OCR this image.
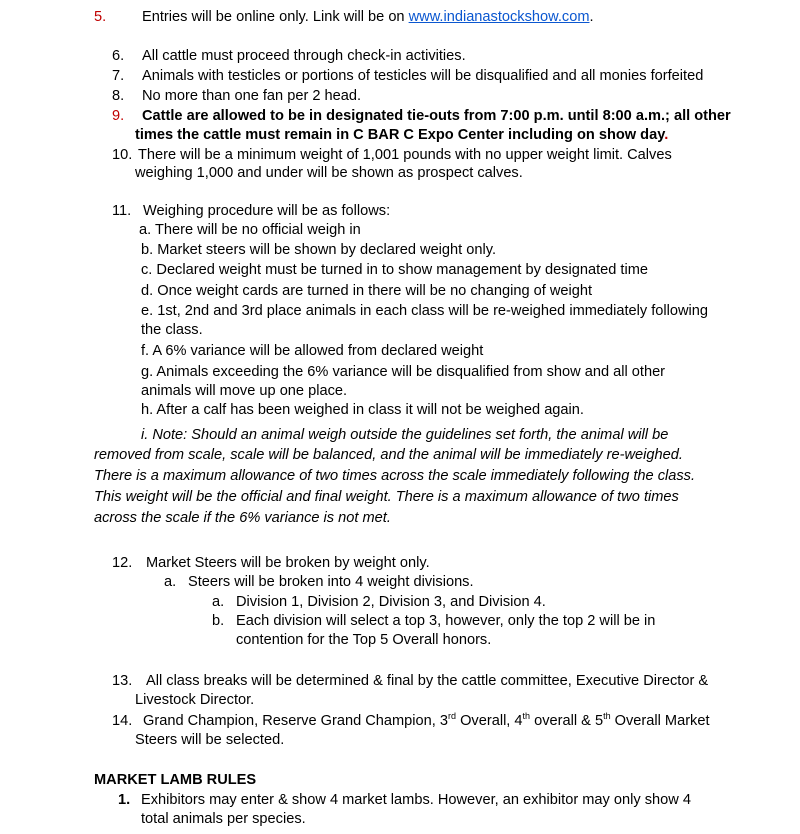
5. Entries will be online only. Link will be on www.indianastockshow.com.
6. All cattle must proceed through check-in activities.
7. Animals with testicles or portions of testicles will be disqualified and all monies forfeited
8. No more than one fan per 2 head.
9. Cattle are allowed to be in designated tie-outs from 7:00 p.m. until 8:00 a.m.; all other
times the cattle must remain in C BAR C Expo Center including on show day.
10. There will be a minimum weight of 1,001 pounds with no upper weight limit. Calves
weighing 1,000 and under will be shown as prospect calves.
11. Weighing procedure will be as follows:
a. There will be no official weigh in
b. Market steers will be shown by declared weight only.
c. Declared weight must be turned in to show management by designated time
d. Once weight cards are turned in there will be no changing of weight
e. 1st, 2nd and 3rd place animals in each class will be re-weighed immediately following
the class.
f. A 6% variance will be allowed from declared weight
g. Animals exceeding the 6% variance will be disqualified from show and all other
animals will move up one place.
h. After a calf has been weighed in class it will not be weighed again.
i. Note: Should an animal weigh outside the guidelines set forth, the animal will be
removed from scale, scale will be balanced, and the animal will be immediately re-weighed.
There is a maximum allowance of two times across the scale immediately following the class.
This weight will be the official and final weight. There is a maximum allowance of two times
across the scale if the 6% variance is not met.
12. Market Steers will be broken by weight only.
a. Steers will be broken into 4 weight divisions.
a. Division 1, Division 2, Division 3, and Division 4.
b. Each division will select a top 3, however, only the top 2 will be in
contention for the Top 5 Overall honors.
13. All class breaks will be determined & final by the cattle committee, Executive Director &
Livestock Director.
14. Grand Champion, Reserve Grand Champion, 3rd Overall, 4th overall & 5th Overall Market
Steers will be selected.
MARKET LAMB RULES
1. Exhibitors may enter & show 4 market lambs. However, an exhibitor may only show 4
total animals per species.
